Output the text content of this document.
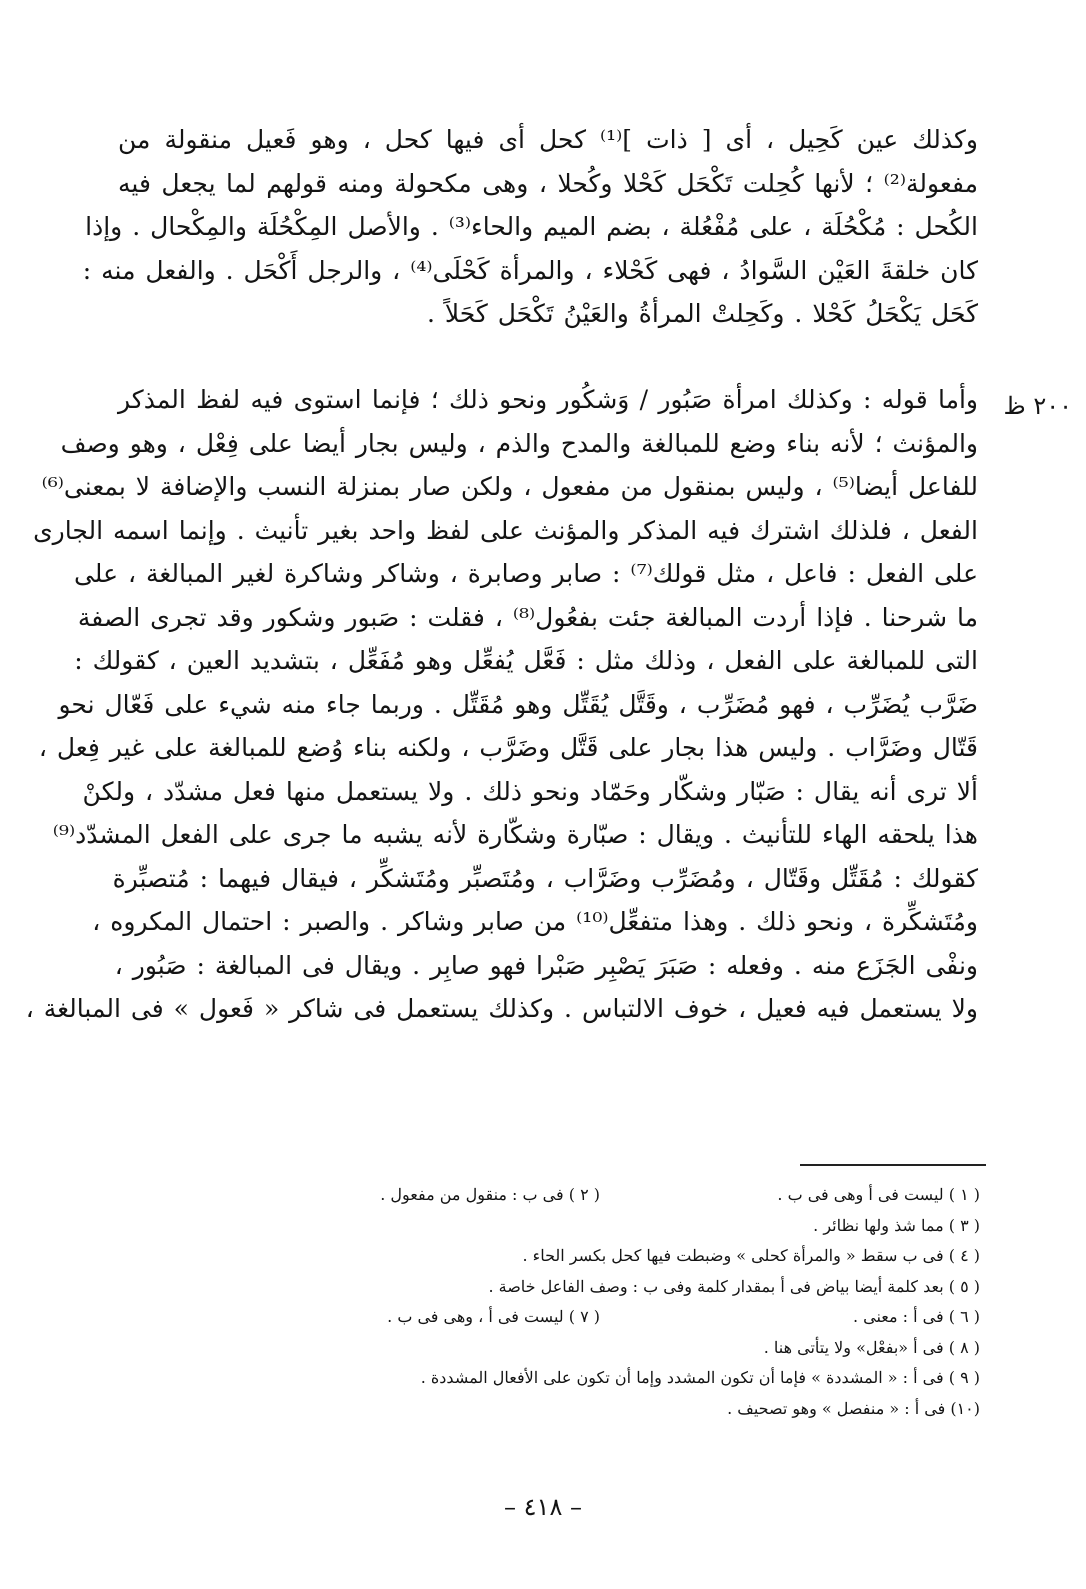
وكذلك عين كَحِيل ، أى [ ذات ]⁽¹⁾ كحل أى فيها كحل ، وهو فَعيل منقولة من
مفعولة⁽²⁾ ؛ لأنها كُحِلت تَكْحَل كَحْلا وكُحلا ، وهى مكحولة ومنه قولهم لما يجعل فيه
الكُحل : مُكْحُلَة ، على مُفْعُلة ، بضم الميم والحاء⁽³⁾ . والأصل المِكْحُلَة والمِكْحال . وإذا
كان خلقةَ العَيْن السَّوادُ ، فهى كَحْلاء ، والمرأة كَحْلَى⁽⁴⁾ ، والرجل أَكْحَل . والفعل منه :
كَحَل يَكْحَلُ كَحْلا . وكَحِلتْ المرأةُ والعَيْنُ تَكْحَل كَحَلاً .
٢٠٠ ظ
وأما قوله : وكذلك امرأة صَبُور / وَشكُور ونحو ذلك ؛ فإنما استوى فيه لفظ المذكر
والمؤنث ؛ لأنه بناء وضع للمبالغة والمدح والذم ، وليس بجار أيضا على فِعْل ، وهو وصف
للفاعل أيضا⁽⁵⁾ ، وليس بمنقول من مفعول ، ولكن صار بمنزلة النسب والإضافة لا بمعنى⁽⁶⁾
الفعل ، فلذلك اشترك فيه المذكر والمؤنث على لفظ واحد بغير تأنيث . وإنما اسمه الجارى
على الفعل : فاعل ، مثل قولك⁽⁷⁾ : صابر وصابرة ، وشاكر وشاكرة لغير المبالغة ، على
ما شرحنا . فإذا أردت المبالغة جئت بفعُول⁽⁸⁾ ، فقلت : صَبور وشكور وقد تجرى الصفة
التى للمبالغة على الفعل ، وذلك مثل : فَعَّل يُفعِّل وهو مُفَعِّل ، بتشديد العين ، كقولك :
ضَرَّب يُضَرِّب ، فهو مُضَرِّب ، وقَتَّل يُقَتِّل وهو مُقَتِّل . وربما جاء منه شيء على فَعّال نحو
قَتّال وضَرَّاب . وليس هذا بجار على قَتَّل وضَرَّب ، ولكنه بناء وُضع للمبالغة على غير فِعل ،
ألا ترى أنه يقال : صَبّار وشكّار وحَمّاد ونحو ذلك . ولا يستعمل منها فعل مشدّد ، ولكنْ
هذا يلحقه الهاء للتأنيث . ويقال : صبّارة وشكّارة لأنه يشبه ما جرى على الفعل المشدّد⁽⁹⁾
كقولك : مُقَتِّل وقَتّال ، ومُضَرِّب وضَرَّاب ، ومُتَصبِّر ومُتَشكِّر ، فيقال فيهما : مُتصبِّرة
ومُتَشكِّرة ، ونحو ذلك . وهذا متفعِّل⁽¹⁰⁾ من صابر وشاكر . والصبر : احتمال المكروه ،
ونفْى الجَزَع منه . وفعله : صَبَرَ يَصْبِر صَبْرا فهو صابِر . ويقال فى المبالغة : صَبُور ،
ولا يستعمل فيه فعيل ، خوف الالتباس . وكذلك يستعمل فى شاكر « فَعول » فى المبالغة ،
( ١ ) ليست فى أ وهى فى ب .
( ٢ ) فى ب : منقول من مفعول .
( ٣ ) مما شذ ولها نظائر .
( ٤ ) فى ب سقط « والمرأة كحلى » وضبطت فيها كحل بكسر الحاء .
( ٥ ) بعد كلمة أيضا بياض فى أ بمقدار كلمة وفى ب : وصف الفاعل خاصة .
( ٦ ) فى أ : معنى .
( ٧ ) ليست فى أ ، وهى فى ب .
( ٨ ) فى أ «بفعْل» ولا يتأتى هنا .
( ٩ ) فى أ : « المشددة » فإما أن تكون المشدد وإما أن تكون على الأفعال المشددة .
(١٠) فى أ : « منفصل » وهو تصحيف .
– ٤١٨ –
